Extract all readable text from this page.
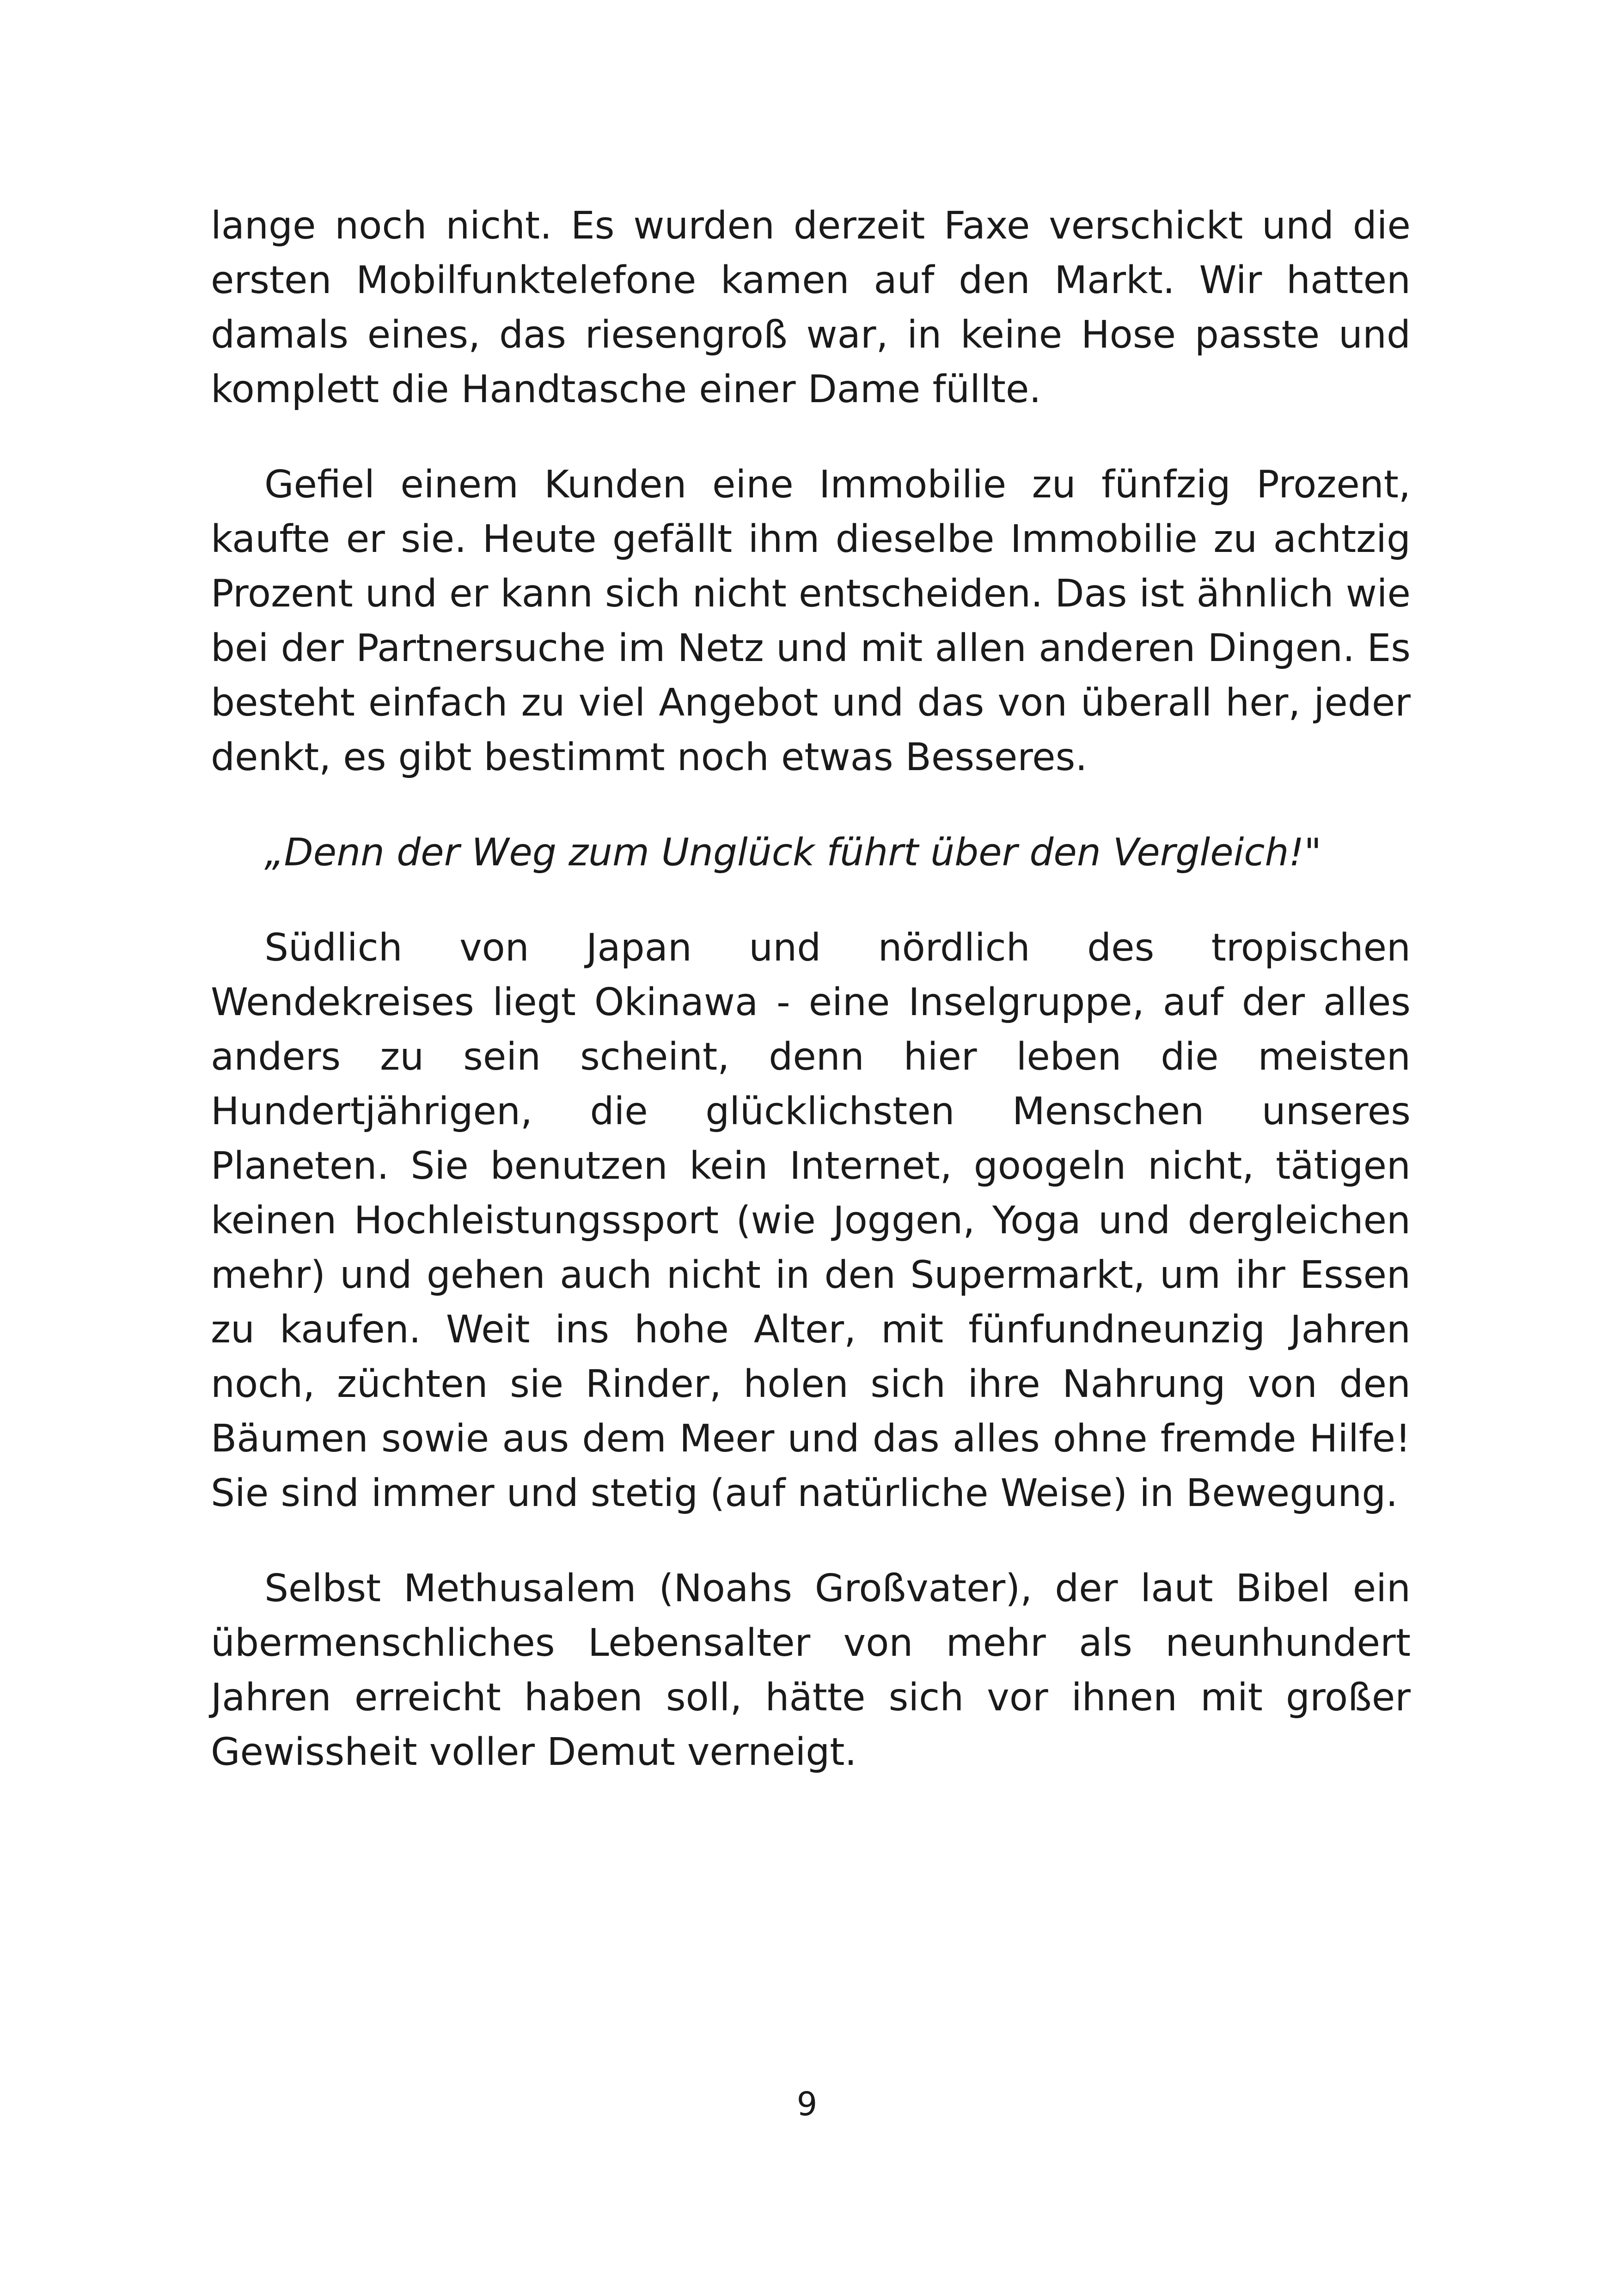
lange noch nicht. Es wurden derzeit Faxe verschickt und die ersten Mobilfunktelefone kamen auf den Markt. Wir hatten damals eines, das riesengroß war, in keine Hose passte und komplett die Handtasche einer Dame füllte.

Gefiel einem Kunden eine Immobilie zu fünfzig Prozent, kaufte er sie. Heute gefällt ihm dieselbe Immobilie zu achtzig Prozent und er kann sich nicht entscheiden. Das ist ähnlich wie bei der Partnersuche im Netz und mit allen anderen Dingen. Es besteht einfach zu viel Angebot und das von überall her, jeder denkt, es gibt bestimmt noch etwas Besseres.

„Denn der Weg zum Unglück führt über den Vergleich!"

Südlich von Japan und nördlich des tropischen Wendekreises liegt Okinawa - eine Inselgruppe, auf der alles anders zu sein scheint, denn hier leben die meisten Hundertjährigen, die glücklichsten Menschen unseres Planeten. Sie benutzen kein Internet, googeln nicht, tätigen keinen Hochleistungssport (wie Joggen, Yoga und dergleichen mehr) und gehen auch nicht in den Supermarkt, um ihr Essen zu kaufen. Weit ins hohe Alter, mit fünfundneunzig Jahren noch, züchten sie Rinder, holen sich ihre Nahrung von den Bäumen sowie aus dem Meer und das alles ohne fremde Hilfe! Sie sind immer und stetig (auf natürliche Weise) in Bewegung.

Selbst Methusalem (Noahs Großvater), der laut Bibel ein übermenschliches Lebensalter von mehr als neunhundert Jahren erreicht haben soll, hätte sich vor ihnen mit großer Gewissheit voller Demut verneigt.

9
